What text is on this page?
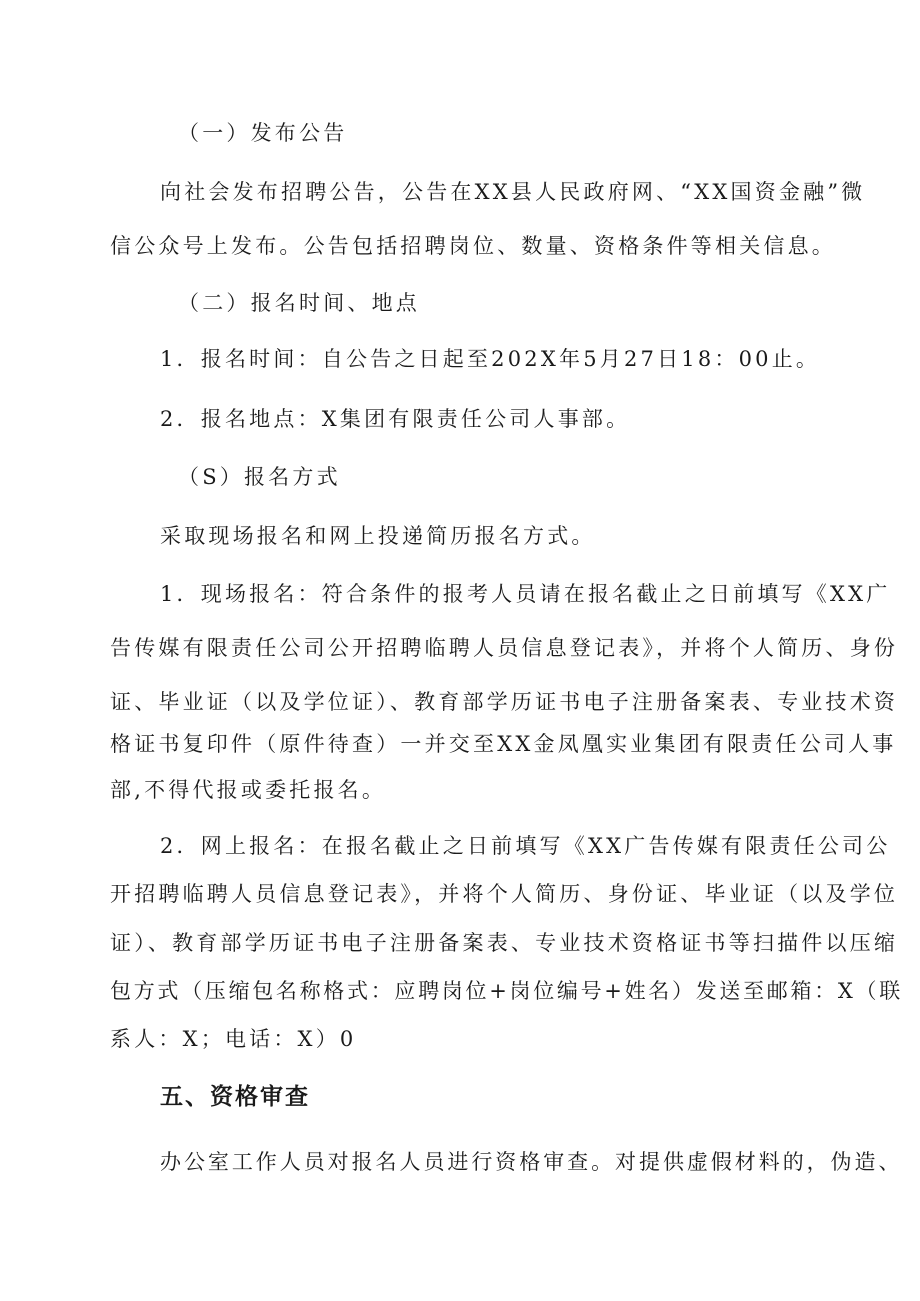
（一）发布公告

向社会发布招聘公告，公告在XX县人民政府网、“XX国资金融”微

信公众号上发布。公告包括招聘岗位、数量、资格条件等相关信息。

（二）报名时间、地点

1．报名时间：自公告之日起至202X年5月27日18：00止。

2．报名地点：X集团有限责任公司人事部。

（S）报名方式

采取现场报名和网上投递简历报名方式。

1．现场报名：符合条件的报考人员请在报名截止之日前填写《XX广

告传媒有限责任公司公开招聘临聘人员信息登记表》，并将个人简历、身份

证、毕业证（以及学位证）、教育部学历证书电子注册备案表、专业技术资

格证书复印件（原件待查）一并交至XX金凤凰实业集团有限责任公司人事

部,不得代报或委托报名。

2．网上报名：在报名截止之日前填写《XX广告传媒有限责任公司公

开招聘临聘人员信息登记表》，并将个人简历、身份证、毕业证（以及学位

证）、教育部学历证书电子注册备案表、专业技术资格证书等扫描件以压缩

包方式（压缩包名称格式：应聘岗位+岗位编号+姓名）发送至邮箱：X（联

系人：X；电话：X）0

五、资格审查

办公室工作人员对报名人员进行资格审查。对提供虚假材料的，伪造、
